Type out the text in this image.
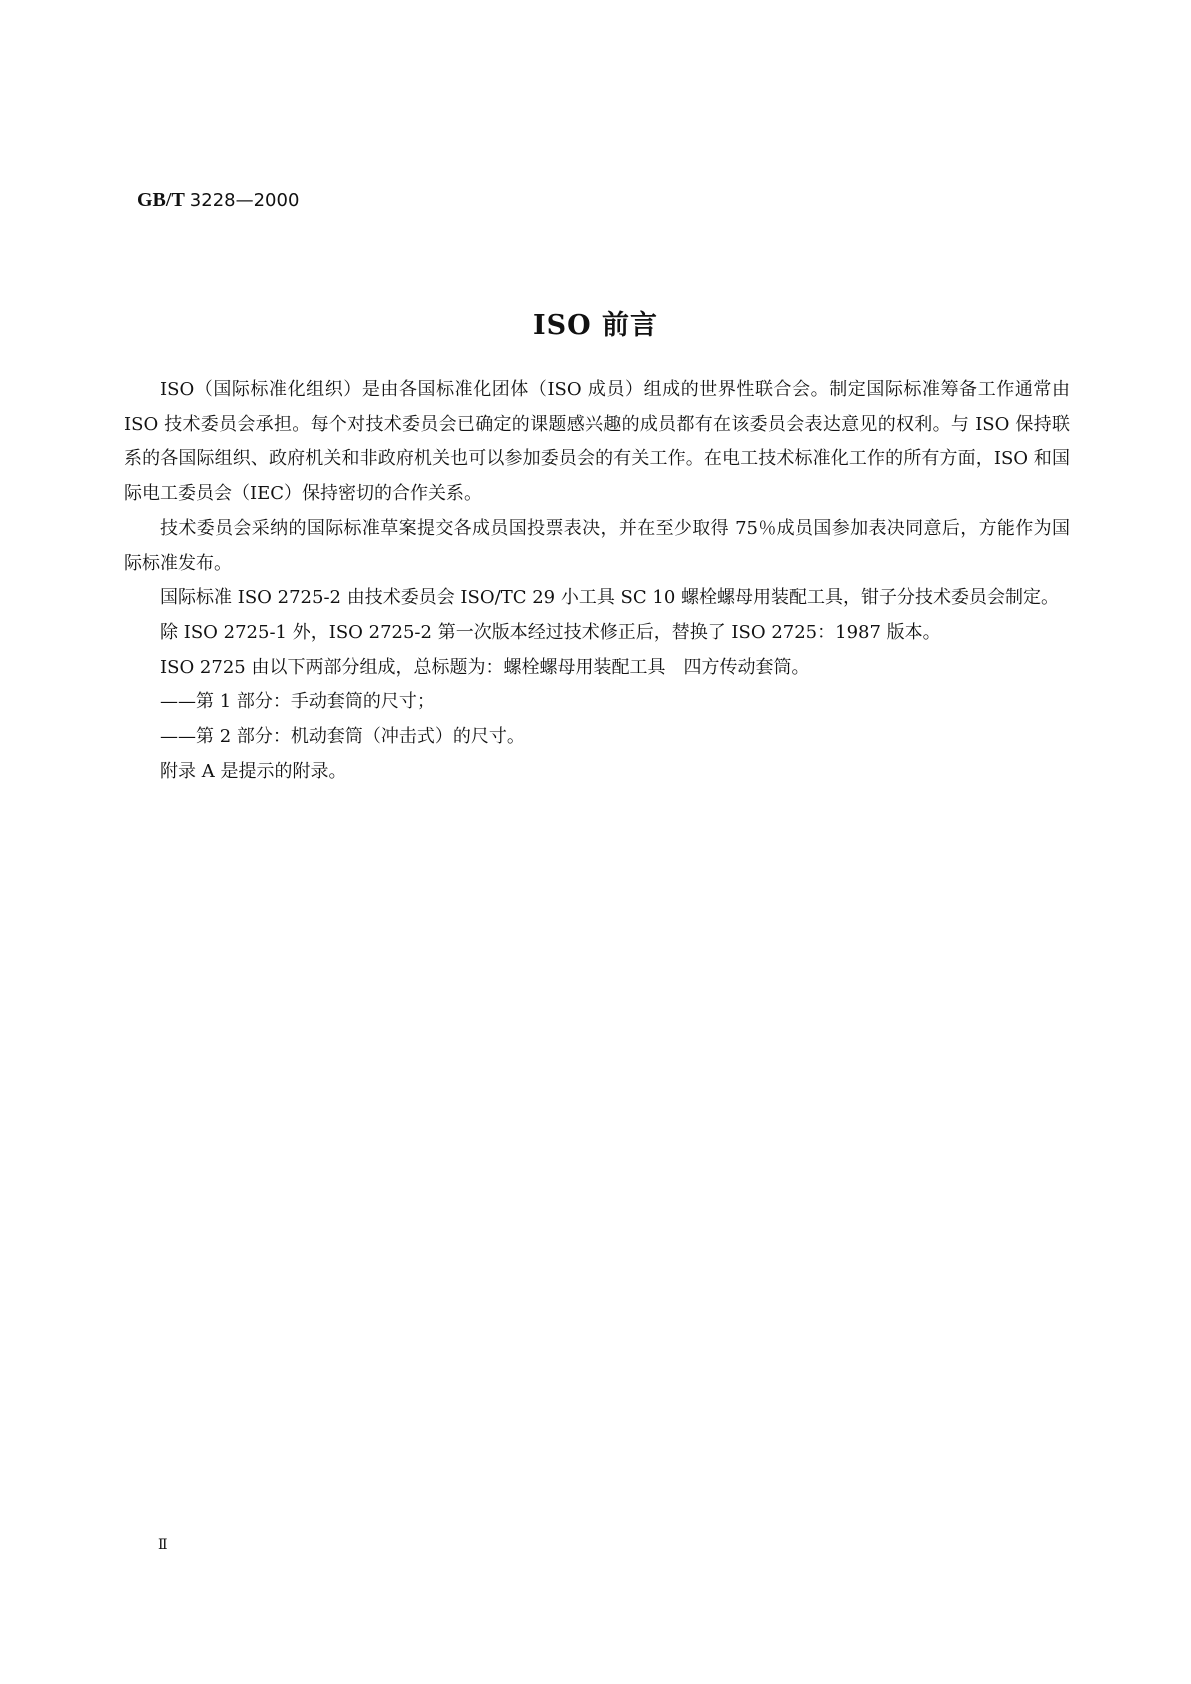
GB/T 3228—2000
ISO 前言

ISO（国际标准化组织）是由各国标准化团体（ISO 成员）组成的世界性联合会。制定国际标准筹备工作通常由 ISO 技术委员会承担。每个对技术委员会已确定的课题感兴趣的成员都有在该委员会表达意见的权利。与 ISO 保持联系的各国际组织、政府机关和非政府机关也可以参加委员会的有关工作。在电工技术标准化工作的所有方面，ISO 和国际电工委员会（IEC）保持密切的合作关系。

技术委员会采纳的国际标准草案提交各成员国投票表决，并在至少取得 75％成员国参加表决同意后，方能作为国际标准发布。

国际标准 ISO 2725-2 由技术委员会 ISO/TC 29 小工具 SC 10 螺栓螺母用装配工具，钳子分技术委员会制定。

除 ISO 2725-1 外，ISO 2725-2 第一次版本经过技术修正后，替换了 ISO 2725：1987 版本。

ISO 2725 由以下两部分组成，总标题为：螺栓螺母用装配工具　四方传动套筒。

——第 1 部分：手动套筒的尺寸；

——第 2 部分：机动套筒（冲击式）的尺寸。

附录 A 是提示的附录。

Ⅱ
